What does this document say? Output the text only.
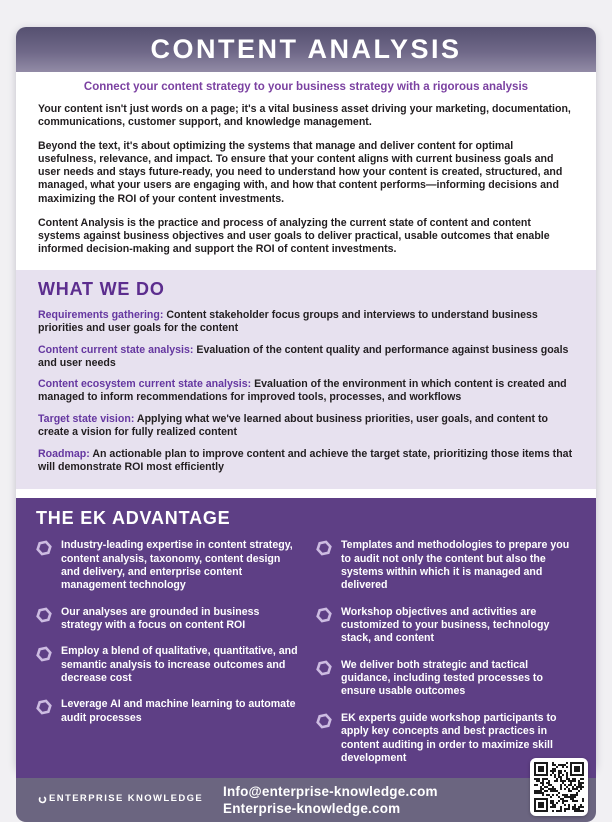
CONTENT ANALYSIS

Connect your content strategy to your business strategy with a rigorous analysis

Your content isn't just words on a page; it's a vital business asset driving your marketing, documentation, communications, customer support, and knowledge management.

Beyond the text, it's about optimizing the systems that manage and deliver content for optimal usefulness, relevance, and impact. To ensure that your content aligns with current business goals and user needs and stays future-ready, you need to understand how your content is created, structured, and managed, what your users are engaging with, and how that content performs—informing decisions and maximizing the ROI of your content investments.

Content Analysis is the practice and process of analyzing the current state of content and content systems against business objectives and user goals to deliver practical, usable outcomes that enable informed decision-making and support the ROI of content investments.

WHAT WE DO

Requirements gathering: Content stakeholder focus groups and interviews to understand business priorities and user goals for the content

Content current state analysis: Evaluation of the content quality and performance against business goals and user needs

Content ecosystem current state analysis: Evaluation of the environment in which content is created and managed to inform recommendations for improved tools, processes, and workflows

Target state vision: Applying what we've learned about business priorities, user goals, and content to create a vision for fully realized content

Roadmap: An actionable plan to improve content and achieve the target state, prioritizing those items that will demonstrate ROI most efficiently

THE EK ADVANTAGE
Industry-leading expertise in content strategy, content analysis, taxonomy, content design and delivery, and enterprise content management technology
Our analyses are grounded in business strategy with a focus on content ROI
Employ a blend of qualitative, quantitative, and semantic analysis to increase outcomes and decrease cost
Leverage AI and machine learning to automate audit processes
Templates and methodologies to prepare you to audit not only the content but also the systems within which it is managed and delivered
Workshop objectives and activities are customized to your business, technology stack, and content
We deliver both strategic and tactical guidance, including tested processes to ensure usable outcomes
EK experts guide workshop participants to apply key concepts and best practices in content auditing in order to maximize skill development
ENTERPRISE KNOWLEDGE Info@enterprise-knowledge.com
Enterprise-knowledge.com
